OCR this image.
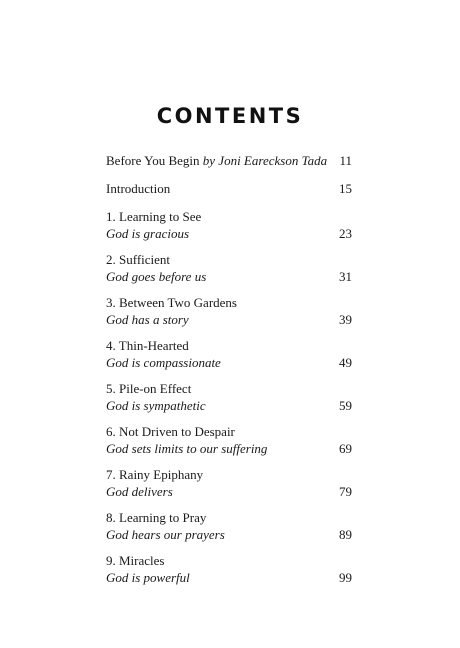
CONTENTS
Before You Begin by Joni Eareckson Tada 11
Introduction	15
1. Learning to See
God is gracious	23
2. Sufficient
God goes before us	31
3. Between Two Gardens
God has a story	39
4. Thin-Hearted
God is compassionate	49
5. Pile-on Effect
God is sympathetic	59
6. Not Driven to Despair
God sets limits to our suffering	69
7. Rainy Epiphany
God delivers	79
8. Learning to Pray
God hears our prayers	89
9. Miracles
God is powerful	99
